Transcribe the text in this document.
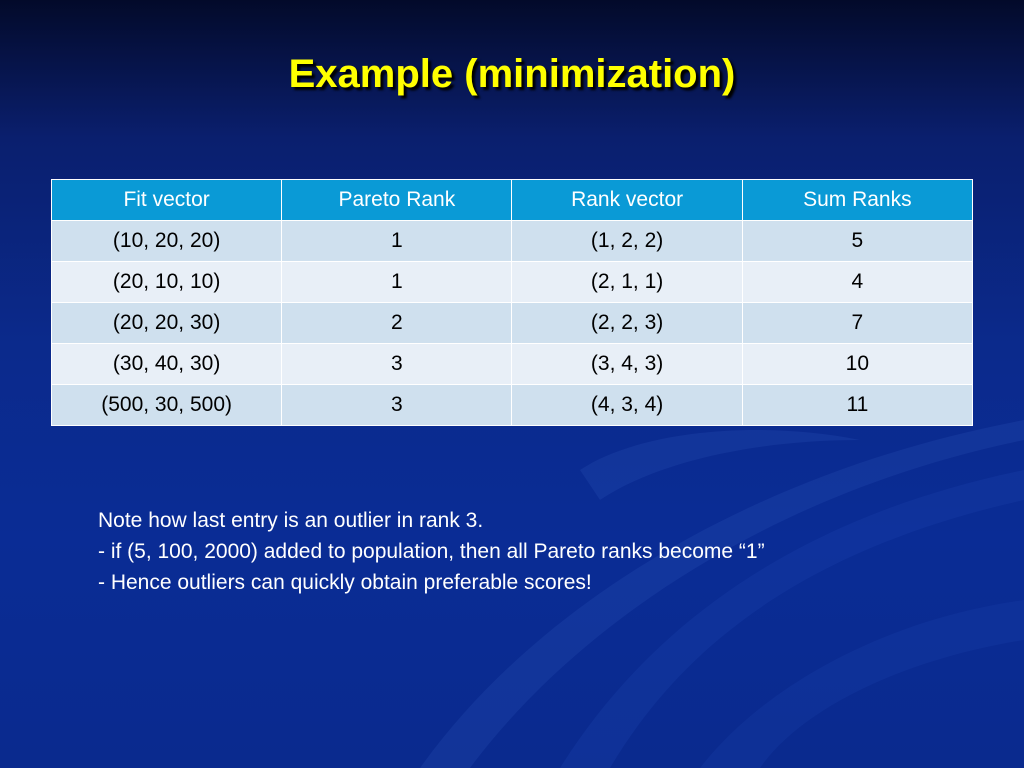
Example (minimization)
Fit vector	Pareto Rank	Rank vector	Sum Ranks
(10, 20, 20)	1	(1, 2, 2)	5
(20, 10, 10)	1	(2, 1, 1)	4
(20, 20, 30)	2	(2, 2, 3)	7
(30, 40, 30)	3	(3, 4, 3)	10
(500, 30, 500)	3	(4, 3, 4)	11
Note how last entry is an outlier in rank 3.
- if (5, 100, 2000) added to population, then all Pareto ranks become “1”
- Hence outliers can quickly obtain preferable scores!
